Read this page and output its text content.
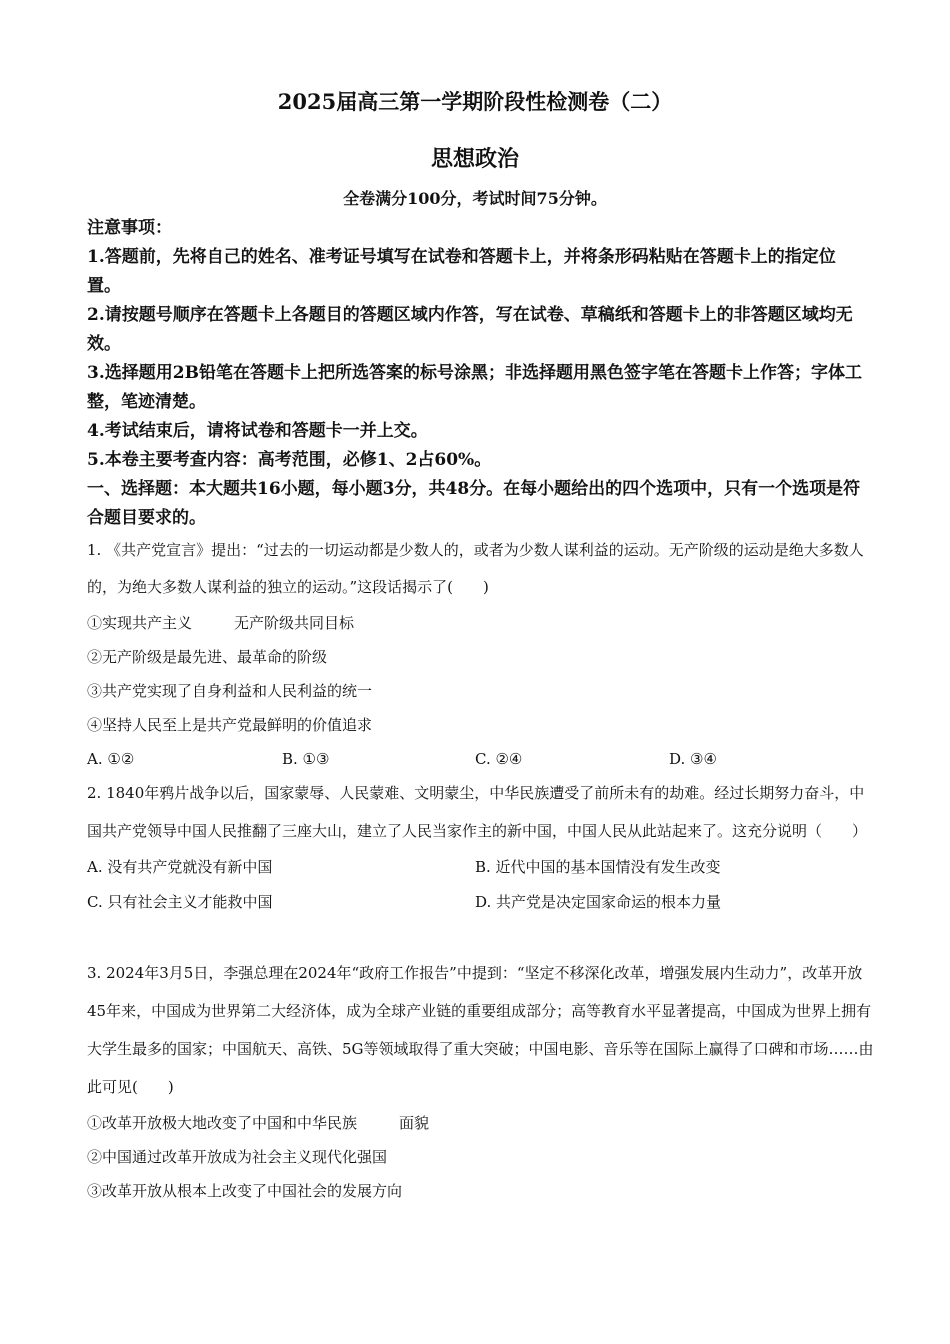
2025届高三第一学期阶段性检测卷（二）
思想政治
全卷满分100分，考试时间75分钟。
注意事项：
1.答题前，先将自己的姓名、准考证号填写在试卷和答题卡上，并将条形码粘贴在答题卡上的指定位置。
2.请按题号顺序在答题卡上各题目的答题区域内作答，写在试卷、草稿纸和答题卡上的非答题区域均无效。
3.选择题用2B铅笔在答题卡上把所选答案的标号涂黑；非选择题用黑色签字笔在答题卡上作答；字体工整，笔迹清楚。
4.考试结束后，请将试卷和答题卡一并上交。
5.本卷主要考查内容：高考范围，必修1、2占60%。
一、选择题：本大题共16小题，每小题3分，共48分。在每小题给出的四个选项中，只有一个选项是符合题目要求的。
1. 《共产党宣言》提出：“过去的一切运动都是少数人的，或者为少数人谋利益的运动。无产阶级的运动是绝大多数人的，为绝大多数人谋利益的独立的运动。”这段话揭示了(　　)
①实现共产主义	无产阶级共同目标
②无产阶级是最先进、最革命的阶级
③共产党实现了自身利益和人民利益的统一
④坚持人民至上是共产党最鲜明的价值追求
A. ①②	B. ①③	C. ②④	D. ③④
2. 1840年鸦片战争以后，国家蒙辱、人民蒙难、文明蒙尘，中华民族遭受了前所未有的劫难。经过长期努力奋斗，中国共产党领导中国人民推翻了三座大山，建立了人民当家作主的新中国，中国人民从此站起来了。这充分说明（　　）
A. 没有共产党就没有新中国	B. 近代中国的基本国情没有发生改变
C. 只有社会主义才能救中国	D. 共产党是决定国家命运的根本力量
3. 2024年3月5日，李强总理在2024年“政府工作报告”中提到：“坚定不移深化改革，增强发展内生动力”，改革开放45年来，中国成为世界第二大经济体，成为全球产业链的重要组成部分；高等教育水平显著提高，中国成为世界上拥有大学生最多的国家；中国航天、高铁、5G等领域取得了重大突破；中国电影、音乐等在国际上赢得了口碑和市场……由此可见(　　)
①改革开放极大地改变了中国和中华民族	面貌
②中国通过改革开放成为社会主义现代化强国
③改革开放从根本上改变了中国社会的发展方向
